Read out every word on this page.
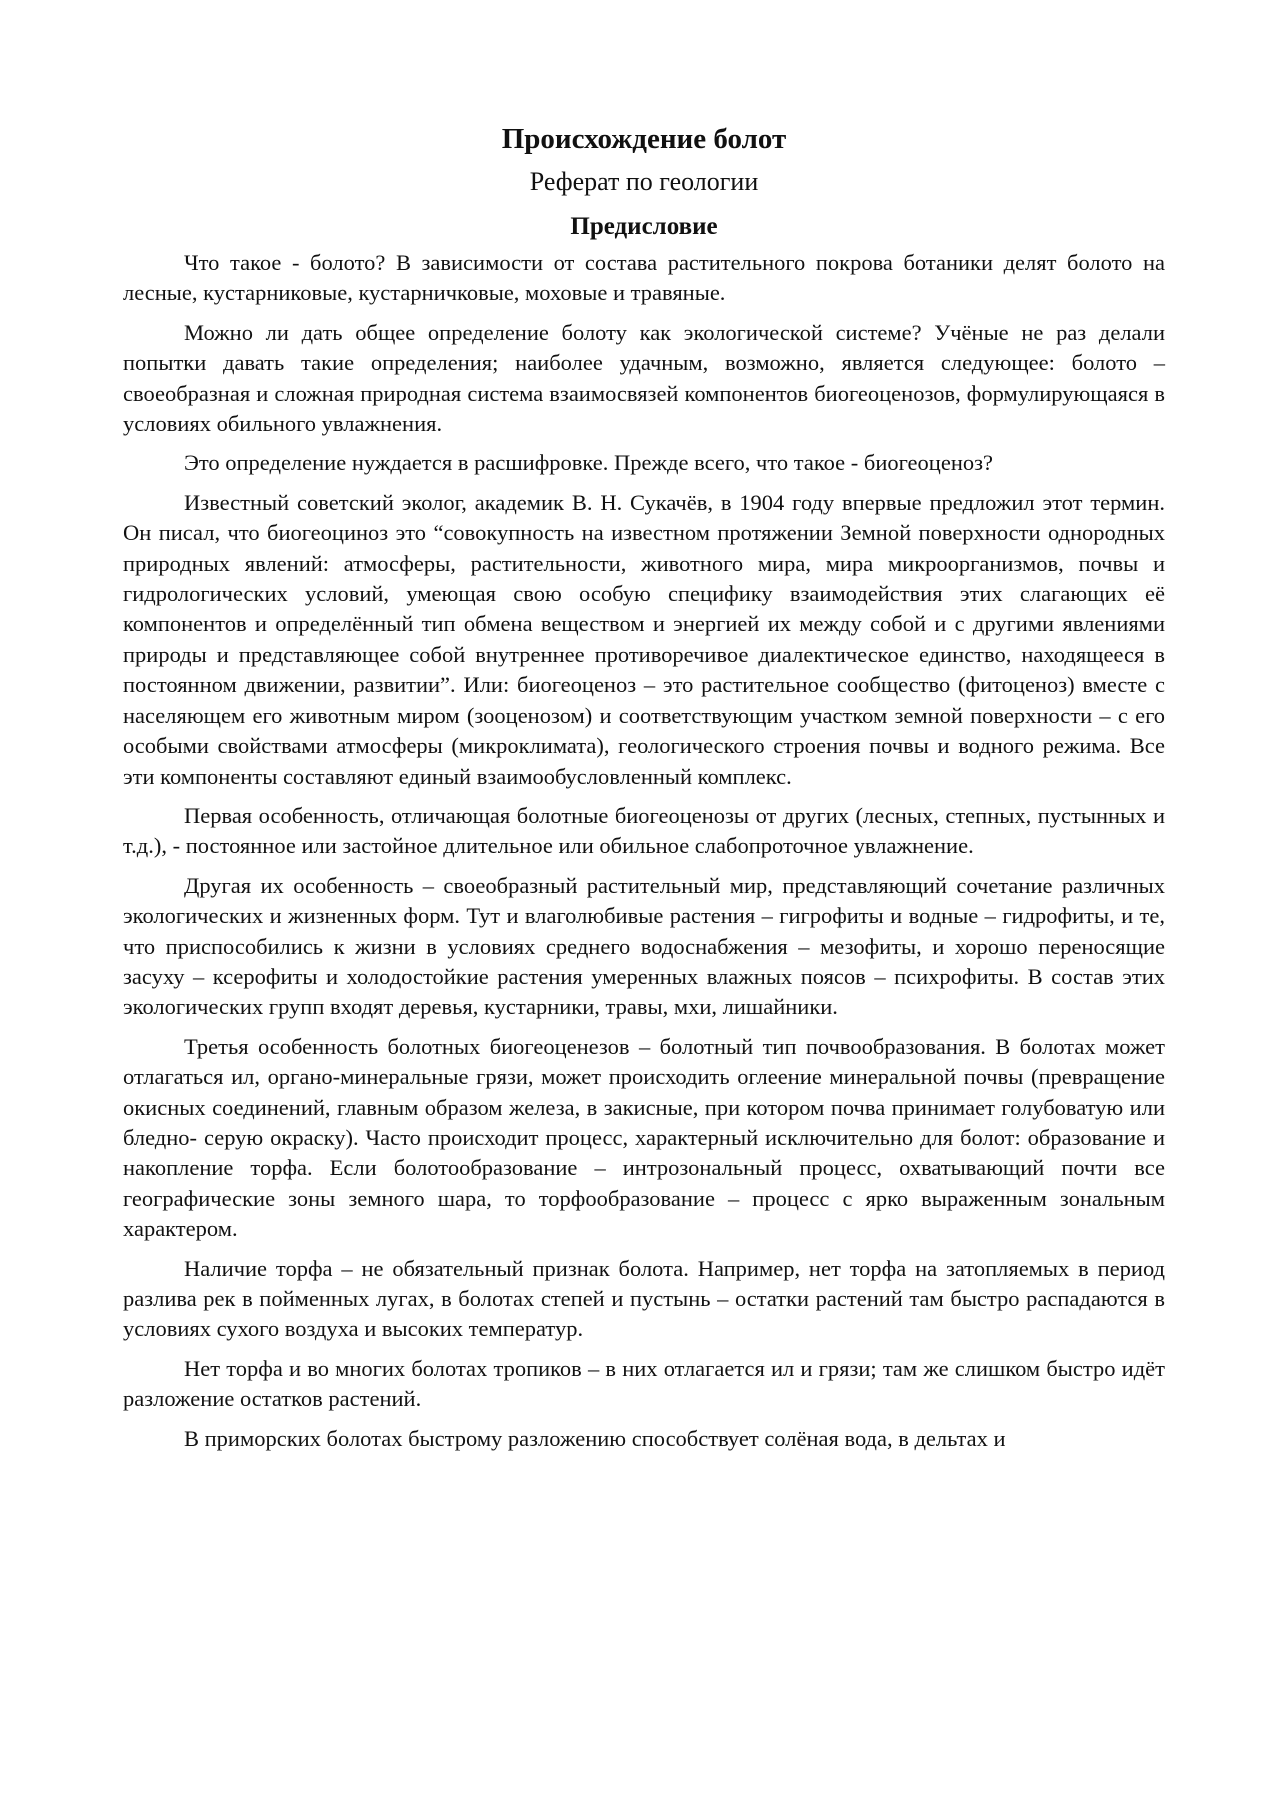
Происхождение болот
Реферат по геологии
Предисловие

Что такое - болото? В зависимости от состава растительного покрова ботаники делят болото на лесные, кустарниковые, кустарничковые, моховые и травяные.

Можно ли дать общее определение болоту как экологической системе? Учёные не раз делали попытки давать такие определения; наиболее удачным, возможно, является следующее: болото – своеобразная и сложная природная система взаимосвязей компонентов биогеоценозов, формулирующаяся в условиях обильного увлажнения.

Это определение нуждается в расшифровке. Прежде всего, что такое - биогеоценоз?

Известный советский эколог, академик В. Н. Сукачёв, в 1904 году впервые предложил этот термин. Он писал, что биогеоцинoз это “совокупность на известном протяжении Земной поверхности однородных природных явлений: атмосферы, растительности, животного мира, мира микроорганизмов, почвы и гидрологических условий, умеющая свою особую специфику взаимодействия этих слагающих её компонентов и определённый тип обмена веществом и энергией их между собой и с другими явлениями природы и представляющее собой внутреннее противоречивое диалектическое единство, находящееся в постоянном движении, развитии”. Или: биогеоценоз – это растительное сообщество (фитоценоз) вместе с населяющем его животным миром (зооценозом) и соответствующим участком земной поверхности – с его особыми свойствами атмосферы (микроклимата), геологического строения почвы и водного режима. Все эти компоненты составляют единый взаимообусловленный комплекс.

Первая особенность, отличающая болотные биогеоценозы от других (лесных, степных, пустынных и т.д.), - постоянное или застойное длительное или обильное слабопроточное увлажнение.

Другая их особенность – своеобразный растительный мир, представляющий сочетание различных экологических и жизненных форм. Тут и влаголюбивые растения – гигрофиты и водные – гидрофиты, и те, что приспособились к жизни в условиях среднего водоснабжения – мезофиты, и хорошо переносящие засуху – ксерофиты и холодостойкие растения умеренных влажных поясов – психрофиты. В состав этих экологических групп входят деревья, кустарники, травы, мхи, лишайники.

Третья особенность болотных биогеоценезов – болотный тип почвообразования. В болотах может отлагаться ил, органо-минеральные грязи, может происходить оглеение минеральной почвы (превращение окисных соединений, главным образом железа, в закисные, при котором почва принимает голубоватую или бледно- серую окраску). Часто происходит процесс, характерный исключительно для болот: образование и накопление торфа. Если болотообразование – интрозональный процесс, охватывающий почти все географические зоны земного шара, то торфообразование – процесс с ярко выраженным зональным характером.

Наличие торфа – не обязательный признак болота. Например, нет торфа на затопляемых в период разлива рек в пойменных лугах, в болотах степей и пустынь – остатки растений там быстро распадаются в условиях сухого воздуха и высоких температур.

Нет торфа и во многих болотах тропиков – в них отлагается ил и грязи; там же слишком быстро идёт разложение остатков растений.

В приморских болотах быстрому разложению способствует солёная вода, в дельтах и
